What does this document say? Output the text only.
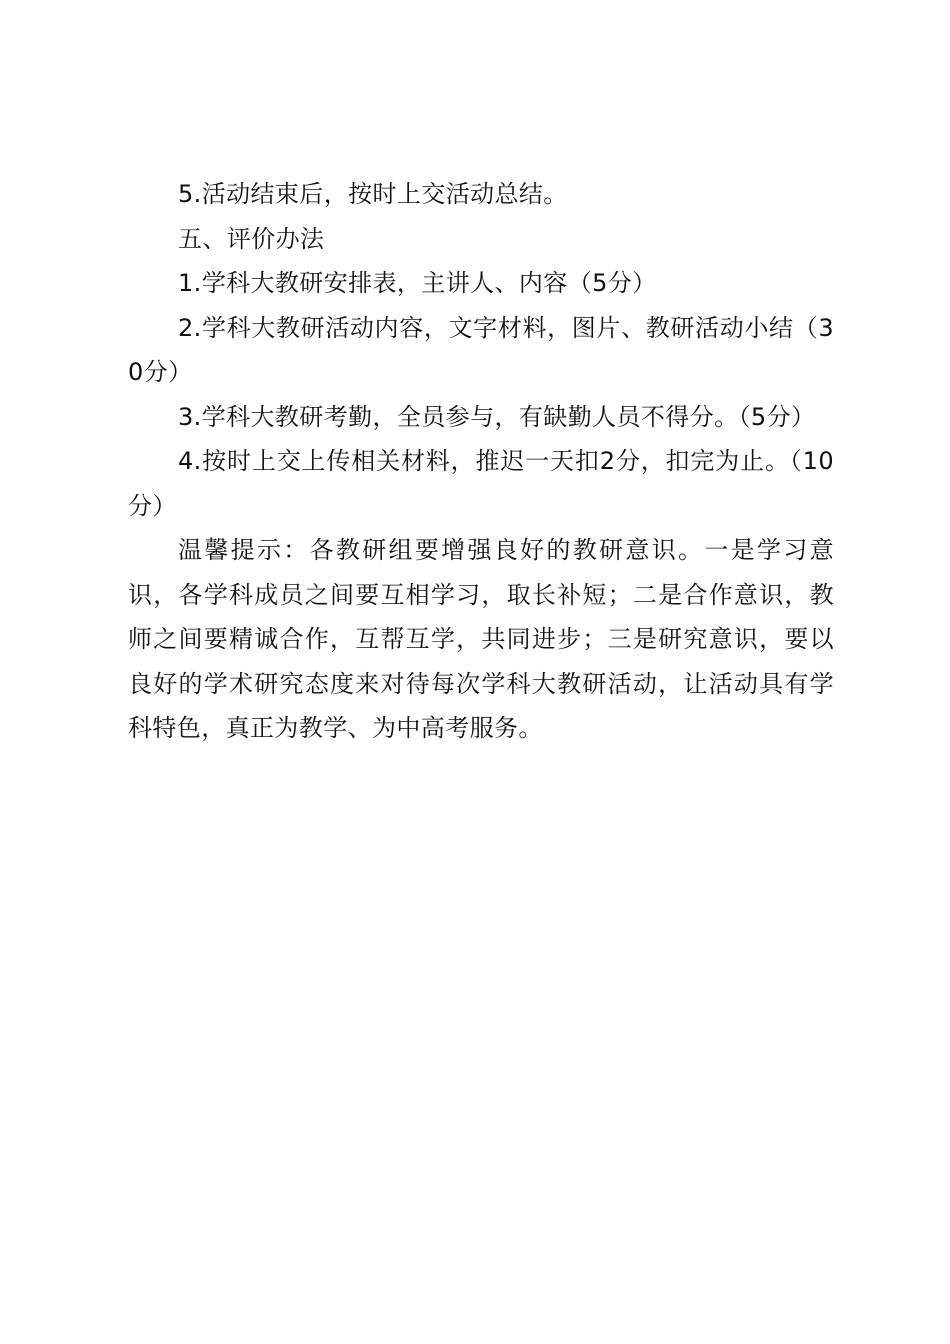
5.活动结束后，按时上交活动总结。

五、评价办法

1.学科大教研安排表，主讲人、内容（5分）

2.学科大教研活动内容，文字材料，图片、教研活动小结（30分）

3.学科大教研考勤，全员参与，有缺勤人员不得分。（5分）

4.按时上交上传相关材料，推迟一天扣2分，扣完为止。（10分）

温馨提示：各教研组要增强良好的教研意识。一是学习意识，各学科成员之间要互相学习，取长补短；二是合作意识，教师之间要精诚合作，互帮互学，共同进步；三是研究意识，要以良好的学术研究态度来对待每次学科大教研活动，让活动具有学科特色，真正为教学、为中高考服务。
